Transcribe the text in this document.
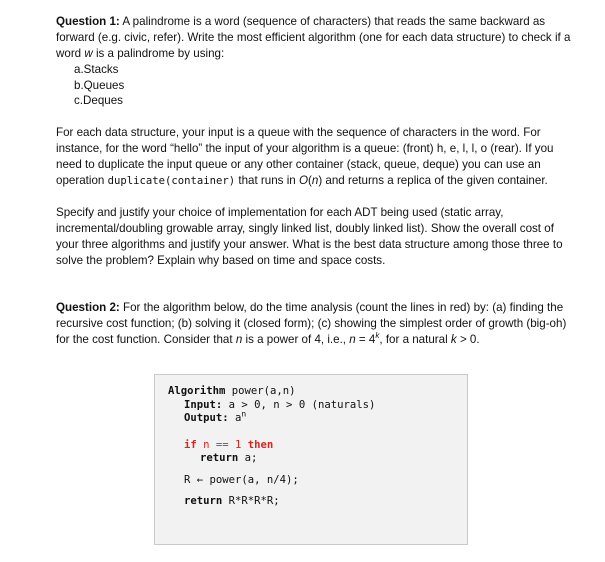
Question 1: A palindrome is a word (sequence of characters) that reads the same backward as forward (e.g. civic, refer). Write the most efficient algorithm (one for each data structure) to check if a word w is a palindrome by using:

a.Stacks
b.Queues
c.Deques

For each data structure, your input is a queue with the sequence of characters in the word. For instance, for the word “hello” the input of your algorithm is a queue: (front) h, e, l, l, o (rear). If you need to duplicate the input queue or any other container (stack, queue, deque) you can use an operation duplicate(container) that runs in O(n) and returns a replica of the given container.

Specify and justify your choice of implementation for each ADT being used (static array, incremental/doubling growable array, singly linked list, doubly linked list). Show the overall cost of your three algorithms and justify your answer. What is the best data structure among those three to solve the problem? Explain why based on time and space costs.

Question 2: For the algorithm below, do the time analysis (count the lines in red) by: (a) finding the recursive cost function; (b) solving it (closed form); (c) showing the simplest order of growth (big-oh) for the cost function. Consider that n is a power of 4, i.e., $n = 4^k$, for a natural k > 0.

Algorithm power(a,n)
Input: a > 0, n > 0 (naturals)
Output: $a^n$
if n == 1 then
return a;
R ← power(a, n/4);
return R*R*R*R;
